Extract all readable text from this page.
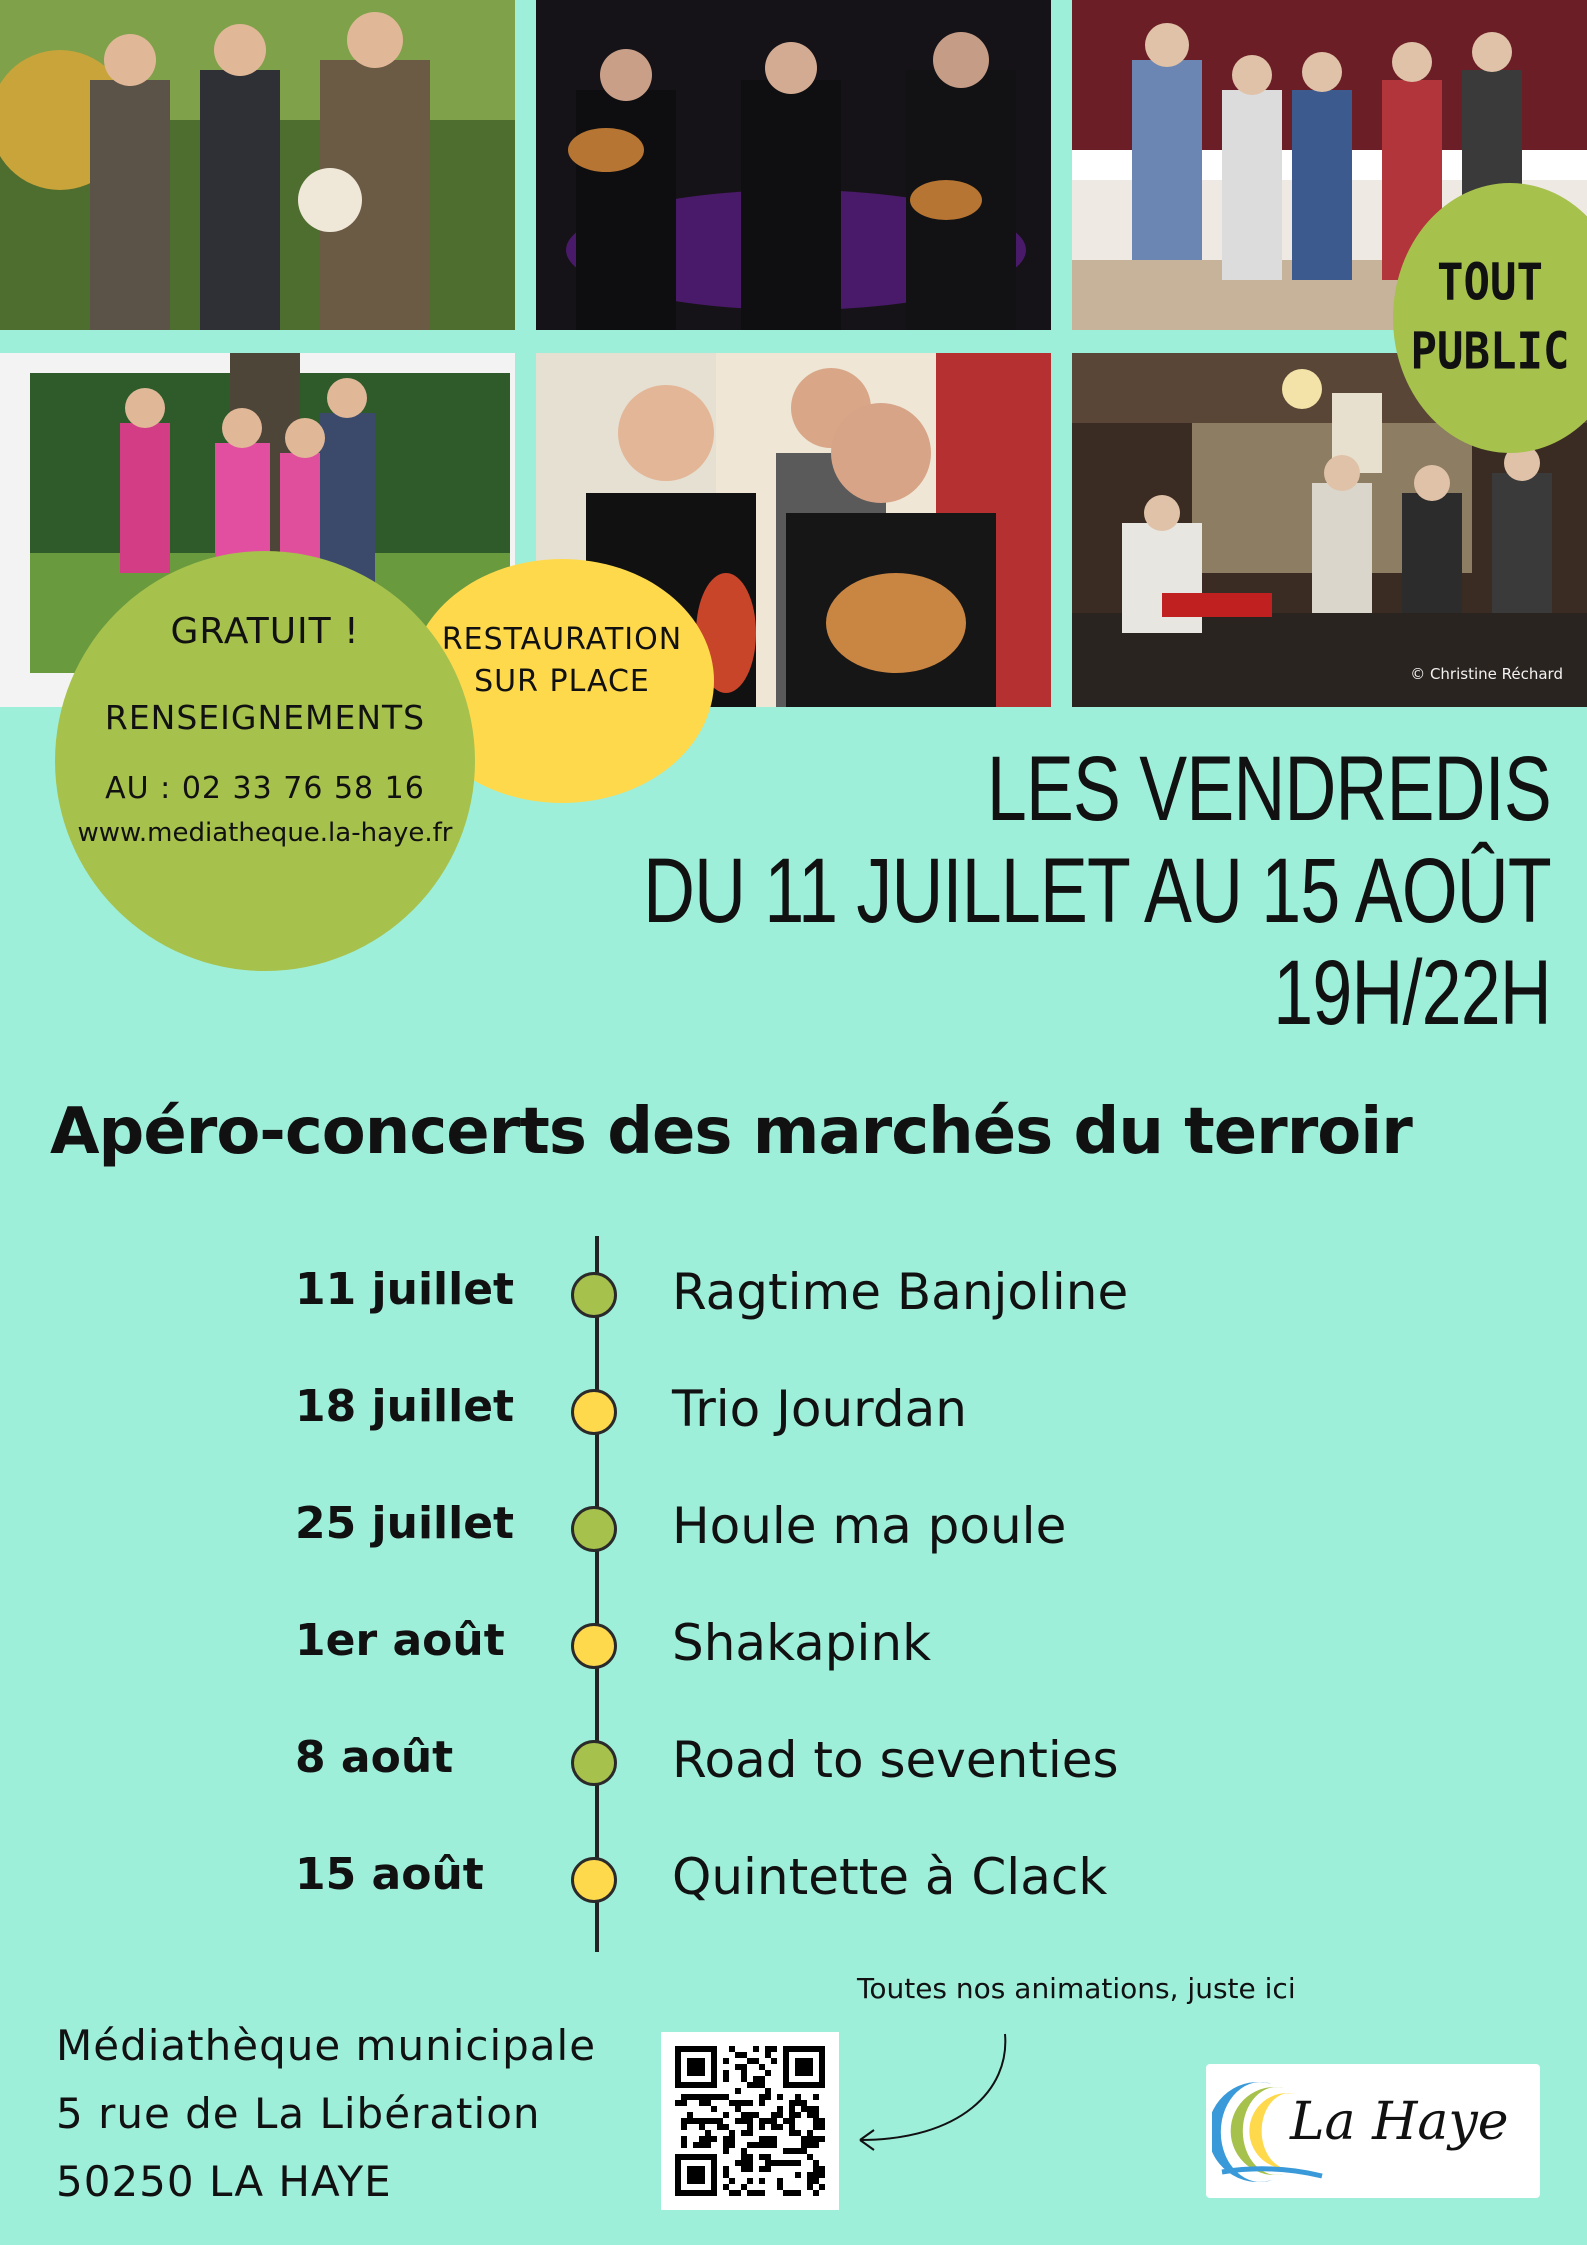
© Christine Réchard
RESTAURATION
SUR PLACE
GRATUIT !
RENSEIGNEMENTS
AU : 02 33 76 58 16
www.mediatheque.la-haye.fr
TOUT
PUBLIC
LES VENDREDIS
DU 11 JUILLET AU 15 AOÛT
19H/22H
Apéro-concerts des marchés du terroir
11 juillet	Ragtime Banjoline
18 juillet	Trio Jourdan
25 juillet	Houle ma poule
1er août	Shakapink
8 août	Road to seventies
15 août	Quintette à Clack
Médiathèque municipale
5 rue de La Libération
50250 LA HAYE
Toutes nos animations, juste ici
La Haye
